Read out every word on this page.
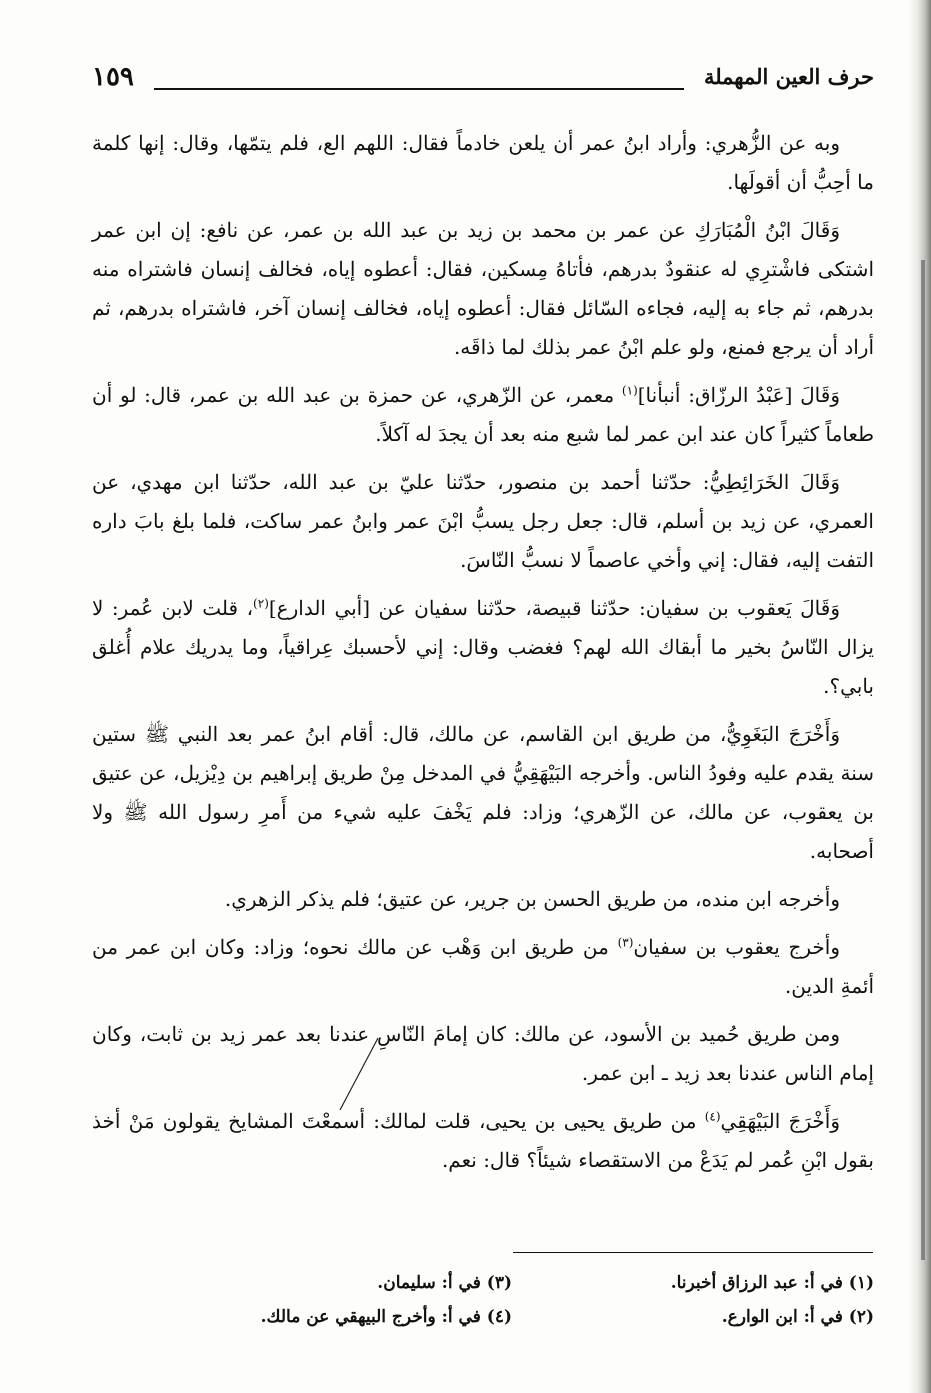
حرف العين المهملة
١٥٩

وبه عن الزُّهري: وأراد ابنُ عمر أن يلعن خادماً فقال: اللهم الع، فلم يتمّها، وقال: إنها كلمة ما أحِبُّ أن أقولَها.

وَقَالَ ابْنُ الْمُبَارَكِ عن عمر بن محمد بن زيد بن عبد الله بن عمر، عن نافع: إن ابن عمر اشتكى فاشْترِي له عنقودٌ بدرهم، فأتاهُ مِسكين، فقال: أعطوه إياه، فخالف إنسان فاشتراه منه بدرهم، ثم جاء به إليه، فجاءه السّائل فقال: أعطوه إياه، فخالف إنسان آخر، فاشتراه بدرهم، ثم أراد أن يرجع فمنع، ولو علم ابْنُ عمر بذلك لما ذاقَه.

وَقَالَ [عَبْدُ الرزّاق: أنبأنا]$^{(١)}$ معمر، عن الزّهري، عن حمزة بن عبد الله بن عمر، قال: لو أن طعاماً كثيراً كان عند ابن عمر لما شبع منه بعد أن يجدَ له آكلاً.

وَقَالَ الخَرَائِطِيُّ: حدّثنا أحمد بن منصور، حدّثنا عليّ بن عبد الله، حدّثنا ابن مهدي، عن العمري، عن زيد بن أسلم، قال: جعل رجل يسبُّ ابْنَ عمر وابنُ عمر ساكت، فلما بلغ بابَ داره التفت إليه، فقال: إني وأخي عاصماً لا نسبُّ النّاسَ.

وَقَالَ يَعقوب بن سفيان: حدّثنا قبيصة، حدّثنا سفيان عن [أبي الدارع]$^{(٢)}$، قلت لابن عُمر: لا يزال النّاسُ بخير ما أبقاك الله لهم؟ فغضب وقال: إني لأحسبك عِراقياً، وما يدريك علام أُغلق بابي؟.

وَأَخْرَجَ البَغَوِيُّ، من طريق ابن القاسم، عن مالك، قال: أقام ابنُ عمر بعد النبي ﷺ ستين سنة يقدم عليه وفودُ الناس. وأخرجه البَيْهَقِيُّ في المدخل مِنْ طريق إبراهيم بن دِيْزيل، عن عتيق بن يعقوب، عن مالك، عن الزّهري؛ وزاد: فلم يَخْفَ عليه شيء من أَمرِ رسول الله ﷺ ولا أصحابه.

وأخرجه ابن منده، من طريق الحسن بن جرير، عن عتيق؛ فلم يذكر الزهري.

وأخرج يعقوب بن سفيان$^{(٣)}$ من طريق ابن وَهْب عن مالك نحوه؛ وزاد: وكان ابن عمر من أئمةِ الدين.

ومن طريق حُميد بن الأسود، عن مالك: كان إمامَ النّاسِ عندنا بعد عمر زيد بن ثابت، وكان إمام الناس عندنا بعد زيد ـ ابن عمر.

وَأَخْرَجَ البَيْهَقِي$^{(٤)}$ من طريق يحيى بن يحيى، قلت لمالك: أسمعْتَ المشايخ يقولون مَنْ أخذ بقول ابْنِ عُمر لم يَدَعْ من الاستقصاء شيئاً؟ قال: نعم.

(١) في أ: عبد الرزاق أخبرنا.
(٣) في أ: سليمان.
(٢) في أ: ابن الوارع.
(٤) في أ: وأخرج البيهقي عن مالك.
